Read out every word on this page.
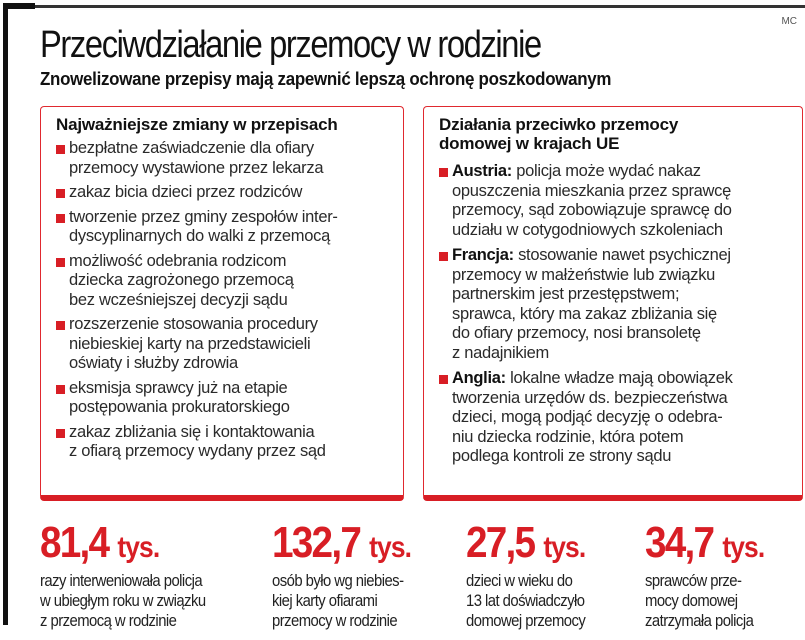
MC
Przeciwdziałanie przemocy w rodzinie
Znowelizowane przepisy mają zapewnić lepszą ochronę poszkodowanym
Najważniejsze zmiany w przepisach
bezpłatne zaświadczenie dla ofiary
przemocy wystawione przez lekarza
zakaz bicia dzieci przez rodziców
tworzenie przez gminy zespołów inter-
dyscyplinarnych do walki z przemocą
możliwość odebrania rodzicom
dziecka zagrożonego przemocą
bez wcześniejszej decyzji sądu
rozszerzenie stosowania procedury
niebieskiej karty na przedstawicieli
oświaty i służby zdrowia
eksmisja sprawcy już na etapie
postępowania prokuratorskiego
zakaz zbliżania się i kontaktowania
z ofiarą przemocy wydany przez sąd
Działania przeciwko przemocy
domowej w krajach UE
Austria: policja może wydać nakaz
opuszczenia mieszkania przez sprawcę
przemocy, sąd zobowiązuje sprawcę do
udziału w cotygodniowych szkoleniach
Francja: stosowanie nawet psychicznej
przemocy w małżeństwie lub związku
partnerskim jest przestępstwem;
sprawca, który ma zakaz zbliżania się
do ofiary przemocy, nosi bransoletę
z nadajnikiem
Anglia: lokalne władze mają obowiązek
tworzenia urzędów ds. bezpieczeństwa
dzieci, mogą podjąć decyzję o odebra-
niu dziecka rodzinie, która potem
podlega kontroli ze strony sądu
81,4 tys.
razy interweniowała policja
w ubiegłym roku w związku
z przemocą w rodzinie
132,7 tys.
osób było wg niebies-
kiej karty ofiarami
przemocy w rodzinie
27,5 tys.
dzieci w wieku do
13 lat doświadczyło
domowej przemocy
34,7 tys.
sprawców prze-
mocy domowej
zatrzymała policja
